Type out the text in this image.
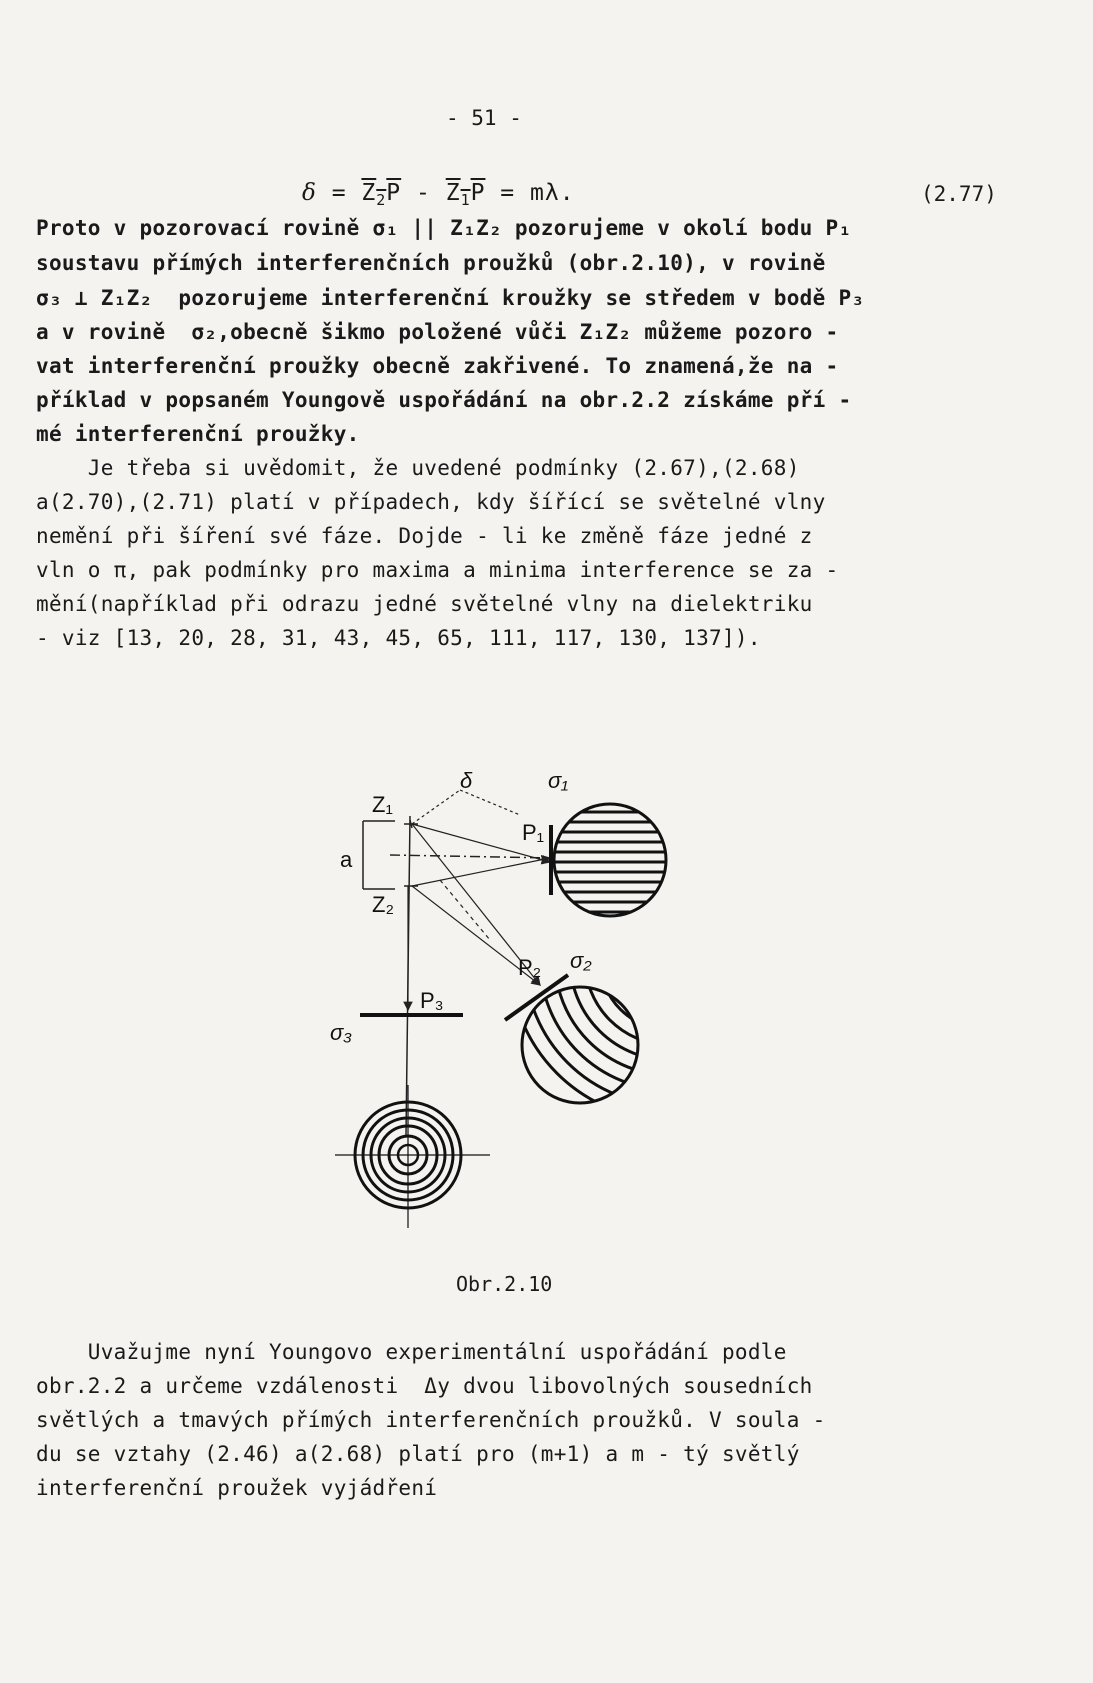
- 51 -
$\delta = Z_2P - Z_1P = m\lambda$.	(2.77)
Proto v pozorovací rovině σ₁ || Z₁Z₂ pozorujeme v okolí bodu P₁
soustavu přímých interferenčních proužků (obr.2.10), v rovině
σ₃ ⊥ Z₁Z₂  pozorujeme interferenční kroužky se středem v bodě P₃
a v rovině  σ₂,obecně šikmo položené vůči Z₁Z₂ můžeme pozoro -
vat interferenční proužky obecně zakřivené. To znamená,že na -
příklad v popsaném Youngově uspořádání na obr.2.2 získáme pří -
mé interferenční proužky.
Je třeba si uvědomit, že uvedené podmínky (2.67),(2.68)
a(2.70),(2.71) platí v případech, kdy šířící se světelné vlny
nemění při šíření své fáze. Dojde - li ke změně fáze jedné z
vln o π, pak podmínky pro maxima a minima interference se za -
mění(například při odrazu jedné světelné vlny na dielektriku
- viz [13, 20, 28, 31, 43, 45, 65, 111, 117, 130, 137]).
Z₁
Z₂
a
δ
P₁
σ₁
P₂ σ₂
P₃
σ₃
Obr.2.10
Uvažujme nyní Youngovo experimentální uspořádání podle
obr.2.2 a určeme vzdálenosti  Δy dvou libovolných sousedních
světlých a tmavých přímých interferenčních proužků. V soula -
du se vztahy (2.46) a(2.68) platí pro (m+1) a m - tý světlý
interferenční proužek vyjádření
